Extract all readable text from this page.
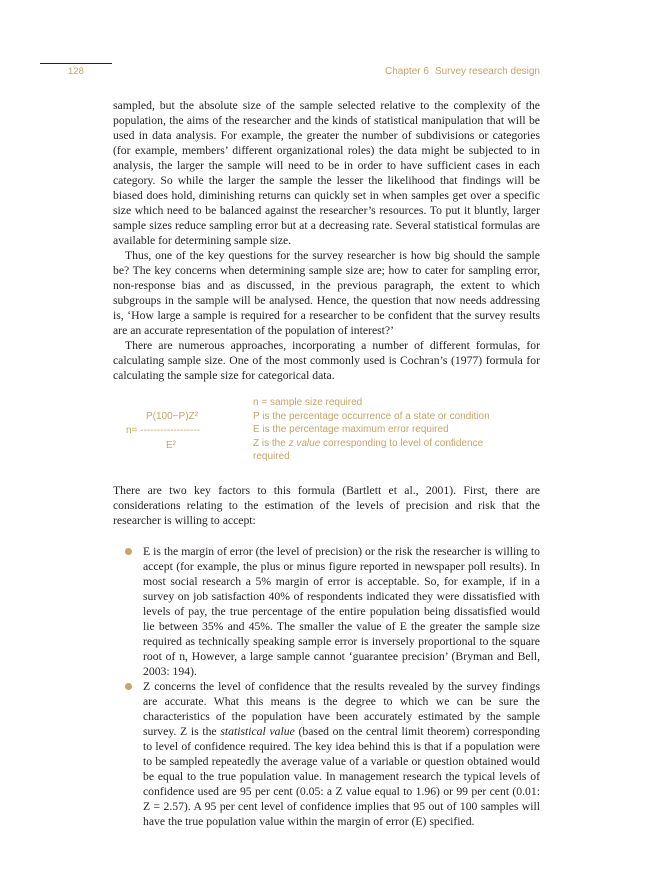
128	Chapter 6 Survey research design

sampled, but the absolute size of the sample selected relative to the complexity of the population, the aims of the researcher and the kinds of statistical manipulation that will be used in data analysis. For example, the greater the number of subdivisions or categories (for example, members’ different organizational roles) the data might be subjected to in analysis, the larger the sample will need to be in order to have sufficient cases in each category. So while the larger the sample the lesser the likelihood that findings will be biased does hold, diminishing returns can quickly set in when samples get over a specific size which need to be balanced against the researcher’s resources. To put it bluntly, larger sample sizes reduce sampling error but at a decreasing rate. Several statistical formulas are available for determining sample size.

Thus, one of the key questions for the survey researcher is how big should the sample be? The key concerns when determining sample size are; how to cater for sampling error, non-response bias and as discussed, in the previous paragraph, the extent to which subgroups in the sample will be analysed. Hence, the question that now needs addressing is, ‘How large a sample is required for a researcher to be confident that the survey results are an accurate representation of the population of interest?’

There are numerous approaches, incorporating a number of different formulas, for calculating sample size. One of the most commonly used is Cochran’s (1977) formula for calculating the sample size for categorical data.

P(100−P)Z²
n= ------------------
E²
n = sample size required
P is the percentage occurrence of a state or condition
E is the percentage maximum error required
Z is the z value corresponding to level of confidence
required

There are two key factors to this formula (Bartlett et al., 2001). First, there are considerations relating to the estimation of the levels of precision and risk that the researcher is willing to accept:

E is the margin of error (the level of precision) or the risk the researcher is willing to accept (for example, the plus or minus figure reported in newspaper poll results). In most social research a 5% margin of error is acceptable. So, for example, if in a survey on job satisfaction 40% of respondents indicated they were dissatisfied with levels of pay, the true percentage of the entire population being dissatisfied would lie between 35% and 45%. The smaller the value of E the greater the sample size required as technically speaking sample error is inversely proportional to the square root of n, However, a large sample cannot ‘guarantee precision’ (Bryman and Bell, 2003: 194).
Z concerns the level of confidence that the results revealed by the survey findings are accurate. What this means is the degree to which we can be sure the characteristics of the population have been accurately estimated by the sample survey. Z is the statistical value (based on the central limit theorem) corresponding to level of confidence required. The key idea behind this is that if a population were to be sampled repeatedly the average value of a variable or question obtained would be equal to the true population value. In management research the typical levels of confidence used are 95 per cent (0.05: a Z value equal to 1.96) or 99 per cent (0.01: Z = 2.57). A 95 per cent level of confidence implies that 95 out of 100 samples will have the true population value within the margin of error (E) specified.
